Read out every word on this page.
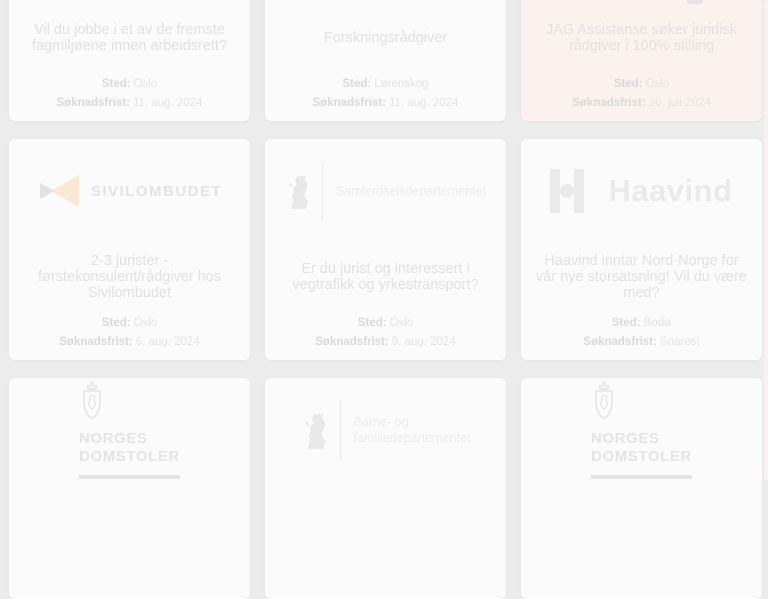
Vil du jobbe i et av de fremste fagmiljøene innen arbeidsrett?
Sted: Oslo
Søknadsfrist: 11. aug. 2024
Forskningsrådgiver
Sted: Lørenskog
Søknadsfrist: 11. aug. 2024
JAG Assistanse søker juridisk rådgiver i 100% stilling
Sted: Oslo
Søknadsfrist: 20. juli 2024
SIVILOMBUDET
2-3 jurister - førstekonsulent/rådgiver hos Sivilombudet
Sted: Oslo
Søknadsfrist: 6. aug. 2024
Samferdselsdepartementet
Er du jurist og interessert i vegtrafikk og yrkestransport?
Sted: Oslo
Søknadsfrist: 9. aug. 2024
Haavind
Haavind inntar Nord-Norge for vår nye storsatsning! Vil du være med?
Sted: Bodø
Søknadsfrist: Snarest
NORGES
DOMSTOLER
Barne- og
familiedepartementet	NORGES
DOMSTOLER
